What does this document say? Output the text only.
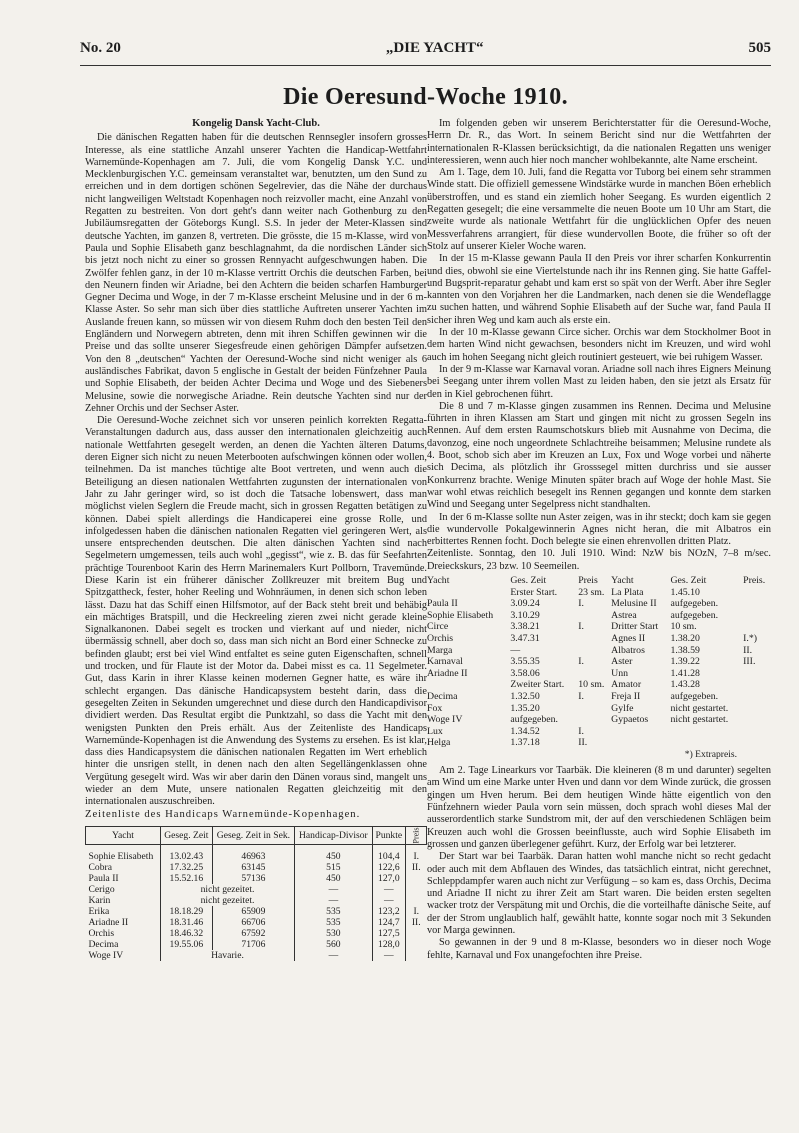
No. 20	„DIE YACHT“	505
Die Oeresund-Woche 1910.
Kongelig Dansk Yacht-Club.

Die dänischen Regatten haben für die deutschen Rennsegler insofern grosses Interesse, als eine stattliche Anzahl unserer Yachten die Handicap-Wettfahrt Warnemünde-Kopenhagen am 7. Juli, die vom Kongelig Dansk Y.C. und Mecklenburgischen Y.C. gemeinsam veranstaltet war, benutzten, um den Sund zu erreichen und in dem dortigen schönen Segelrevier, das die Nähe der durchaus nicht langweiligen Weltstadt Kopenhagen noch reizvoller macht, eine Anzahl von Regatten zu bestreiten. Von dort geht's dann weiter nach Gothenburg zu den Jubiläumsregatten der Göteborgs Kungl. S.S. In jeder der Meter-Klassen sind deutsche Yachten, im ganzen 8, vertreten. Die grösste, die 15 m-Klasse, wird von Paula und Sophie Elisabeth ganz beschlagnahmt, da die nordischen Länder sich bis jetzt noch nicht zu einer so grossen Rennyacht aufgeschwungen haben. Die Zwölfer fehlen ganz, in der 10 m-Klasse vertritt Orchis die deutschen Farben, bei den Neunern finden wir Ariadne, bei den Achtern die beiden scharfen Hamburger Gegner Decima und Woge, in der 7 m-Klasse erscheint Melusine und in der 6 m-Klasse Aster. So sehr man sich über dies stattliche Auftreten unserer Yachten im Auslande freuen kann, so müssen wir von diesem Ruhm doch den besten Teil den Engländern und Norwegern abtreten, denn mit ihren Schiffen gewinnen wir die Preise und das sollte unserer Siegesfreude einen gehörigen Dämpfer aufsetzen. Von den 8 „deutschen“ Yachten der Oeresund-Woche sind nicht weniger als 6 ausländisches Fabrikat, davon 5 englische in Gestalt der beiden Fünfzehner Paula und Sophie Elisabeth, der beiden Achter Decima und Woge und des Siebeners Melusine, sowie die norwegische Ariadne. Rein deutsche Yachten sind nur der Zehner Orchis und der Sechser Aster.

Die Oeresund-Woche zeichnet sich vor unseren peinlich korrekten Regatta-Veranstaltungen dadurch aus, dass ausser den internationalen gleichzeitig auch nationale Wettfahrten gesegelt werden, an denen die Yachten älteren Datums, deren Eigner sich nicht zu neuen Meterbooten aufschwingen können oder wollen, teilnehmen. Da ist manches tüchtige alte Boot vertreten, und wenn auch die Beteiligung an diesen nationalen Wettfahrten zugunsten der internationalen von Jahr zu Jahr geringer wird, so ist doch die Tatsache lobenswert, dass man möglichst vielen Seglern die Freude macht, sich in grossen Regatten betätigen zu können. Dabei spielt allerdings die Handicaperei eine grosse Rolle, und infolgedessen haben die dänischen nationalen Regatten viel geringeren Wert, als unsere entsprechenden deutschen. Die alten dänischen Yachten sind nach Segelmetern umgemessen, teils auch wohl „gegisst“, wie z. B. das für Seefahrten prächtige Tourenboot Karin des Herrn Marinemalers Kurt Pollborn, Travemünde. Diese Karin ist ein früherer dänischer Zollkreuzer mit breitem Bug und Spitzgattheck, fester, hoher Reeling und Wohnräumen, in denen sich schon leben lässt. Dazu hat das Schiff einen Hilfsmotor, auf der Back steht breit und behäbig ein mächtiges Bratspill, und die Heckreeling zieren zwei nicht gerade kleine Signalkanonen. Dabei segelt es trocken und vierkant auf und nieder, nicht übermässig schnell, aber doch so, dass man sich nicht an Bord einer Schnecke zu befinden glaubt; erst bei viel Wind entfaltet es seine guten Eigenschaften, schnell und trocken, und für Flaute ist der Motor da. Dabei misst es ca. 11 Segelmeter. Gut, dass Karin in ihrer Klasse keinen modernen Gegner hatte, es wäre ihr schlecht ergangen. Das dänische Handicapsystem besteht darin, dass die gesegelten Zeiten in Sekunden umgerechnet und diese durch den Handicapdivisor dividiert werden. Das Resultat ergibt die Punktzahl, so dass die Yacht mit den wenigsten Punkten den Preis erhält. Aus der Zeitenliste des Handicaps Warnemünde-Kopenhagen ist die Anwendung des Systems zu ersehen. Es ist klar, dass dies Handicapsystem die dänischen nationalen Regatten im Wert erheblich hinter die unsrigen stellt, in denen nach den alten Segellängenklassen ohne Vergütung gesegelt wird. Was wir aber darin den Dänen voraus sind, mangelt uns wieder an dem Mute, unsere nationalen Regatten gleichzeitig mit den internationalen auszuschreiben.

Zeitenliste des Handicaps Warnemünde-Kopenhagen.

Yacht	Geseg. Zeit	Geseg. Zeit in Sek.	Handicap-Divisor	Punkte	Preis

Sophie Elisabeth	13.02.43	46963	450	104,4	I.
Cobra	17.32.25	63145	515	122,6	II.
Paula II	15.52.16	57136	450	127,0	
Cerigo	nicht gezeitet.		—	—	
Karin	nicht gezeitet.		—	—	
Erika	18.18.29	65909	535	123,2	I.
Ariadne II	18.31.46	66706	535	124,7	II.
Orchis	18.46.32	67592	530	127,5	
Decima	19.55.06	71706	560	128,0	
Woge IV	Havarie.		—	—	

Im folgenden geben wir unserem Berichterstatter für die Oeresund-Woche, Herrn Dr. R., das Wort. In seinem Bericht sind nur die Wettfahrten der internationalen R-Klassen berücksichtigt, da die nationalen Regatten uns weniger interessieren, wenn auch hier noch mancher wohlbekannte, alte Name erscheint.

Am 1. Tage, dem 10. Juli, fand die Regatta vor Tuborg bei einem sehr strammen Winde statt. Die offiziell gemessene Windstärke wurde in manchen Böen erheblich überstroffen, und es stand ein ziemlich hoher Seegang. Es wurden eigentlich 2 Regatten gesegelt; die eine versammelte die neuen Boote um 10 Uhr am Start, die zweite wurde als nationale Wettfahrt für die unglücklichen Opfer des neuen Messverfahrens arrangiert, für diese wundervollen Boote, die früher so oft der Stolz auf unserer Kieler Woche waren.

In der 15 m-Klasse gewann Paula II den Preis vor ihrer scharfen Konkurrentin und dies, obwohl sie eine Viertelstunde nach ihr ins Rennen ging. Sie hatte Gaffel- und Bugsprit-reparatur gehabt und kam erst so spät von der Werft. Aber ihre Segler kannten von den Vorjahren her die Landmarken, nach denen sie die Wendeflagge zu suchen hatten, und während Sophie Elisabeth auf der Suche war, fand Paula II sicher ihren Weg und kam auch als erste ein.

In der 10 m-Klasse gewann Circe sicher. Orchis war dem Stockholmer Boot in dem harten Wind nicht gewachsen, besonders nicht im Kreuzen, und wird wohl auch im hohen Seegang nicht gleich routiniert gesteuert, wie bei ruhigem Wasser.

In der 9 m-Klasse war Karnaval voran. Ariadne soll nach ihres Eigners Meinung bei Seegang unter ihrem vollen Mast zu leiden haben, den sie jetzt als Ersatz für den in Kiel gebrochenen führt.

Die 8 und 7 m-Klasse gingen zusammen ins Rennen. Decima und Melusine führten in ihren Klassen am Start und gingen mit nicht zu grossen Segeln ins Rennen. Auf dem ersten Raumschotskurs blieb mit Ausnahme von Decima, die davonzog, eine noch ungeordnete Schlachtreihe beisammen; Melusine rundete als 4. Boot, schob sich aber im Kreuzen an Lux, Fox und Woge vorbei und näherte sich Decima, als plötzlich ihr Grosssegel mitten durchriss und sie ausser Konkurrenz brachte. Wenige Minuten später brach auf Woge der hohle Mast. Sie war wohl etwas reichlich besegelt ins Rennen gegangen und konnte dem starken Wind und Seegang unter Segelpress nicht standhalten.

In der 6 m-Klasse sollte nun Aster zeigen, was in ihr steckt; doch kam sie gegen die wundervolle Pokalgewinnerin Agnes nicht heran, die mit Albatros ein erbittertes Rennen focht. Doch belegte sie einen ehrenvollen dritten Platz.

Zeitenliste. Sonntag, den 10. Juli 1910. Wind: NzW bis NOzN, 7–8 m/sec. Dreieckskurs, 23 bzw. 10 Seemeilen.

Yacht	Ges. Zeit	Preis	Yacht	Ges. Zeit	Preis.
	Erster Start.	23 sm.	La Plata	1.45.10	
Paula II	3.09.24	I.	Melusine II	aufgegeben.	
Sophie Elisabeth	3.10.29		Astrea	aufgegeben.	
Circe	3.38.21	I.	Dritter Start	10 sm.	
Orchis	3.47.31		Agnes II	1.38.20	I.*)
Marga	—		Albatros	1.38.59	II.
Karnaval	3.55.35	I.	Aster	1.39.22	III.
Ariadne II	3.58.06		Unn	1.41.28	
	Zweiter Start.	10 sm.	Amator	1.43.28	
Decima	1.32.50	I.	Freja II	aufgegeben.	
Fox	1.35.20		Gylfe	nicht gestartet.	
Woge IV	aufgegeben.		Gypaetos	nicht gestartet.	
Lux	1.34.52	I.			
Helga	1.37.18	II.			
*) Extrapreis.

Am 2. Tage Linearkurs vor Taarbäk. Die kleineren (8 m und darunter) segelten am Wind um eine Marke unter Hven und dann vor dem Winde zurück, die grossen gingen um Hven herum. Bei dem heutigen Winde hätte eigentlich von den Fünfzehnern wieder Paula vorn sein müssen, doch sprach wohl dieses Mal der ausserordentlich starke Sundstrom mit, der auf den verschiedenen Schlägen beim Kreuzen auch wohl die Grossen beeinflusste, auch wird Sophie Elisabeth im grossen und ganzen überlegener geführt. Kurz, der Erfolg war bei letzterer.

Der Start war bei Taarbäk. Daran hatten wohl manche nicht so recht gedacht oder auch mit dem Abflauen des Windes, das tatsächlich eintrat, nicht gerechnet, Schleppdampfer waren auch nicht zur Verfügung – so kam es, dass Orchis, Decima und Ariadne II nicht zu ihrer Zeit am Start waren. Die beiden ersten segelten wacker trotz der Verspätung mit und Orchis, die die vorteilhafte dänische Seite, auf der der Strom unglaublich half, gewählt hatte, konnte sogar noch mit 3 Sekunden vor Marga gewinnen.

So gewannen in der 9 und 8 m-Klasse, besonders wo in dieser noch Woge fehlte, Karnaval und Fox unangefochten ihre Preise.
